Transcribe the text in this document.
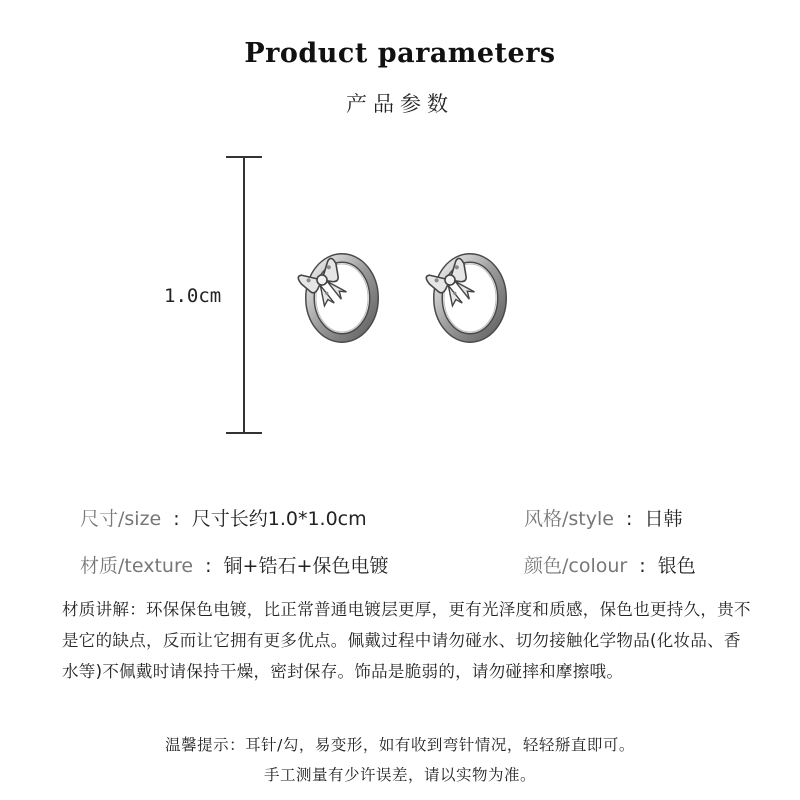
Product parameters
产品参数
1.0cm
尺寸/size : 尺寸长约1.0*1.0cm	风格/style : 日韩
材质/texture : 铜+锆石+保色电镀	颜色/colour : 银色
材质讲解：环保保色电镀，比正常普通电镀层更厚，更有光泽度和质感，保色也更持久，贵不是它的缺点，反而让它拥有更多优点。佩戴过程中请勿碰水、切勿接触化学物品(化妆品、香水等)不佩戴时请保持干燥，密封保存。饰品是脆弱的，请勿碰摔和摩擦哦。
温馨提示：耳针/勾，易变形，如有收到弯针情况，轻轻掰直即可。
手工测量有少许误差，请以实物为准。
